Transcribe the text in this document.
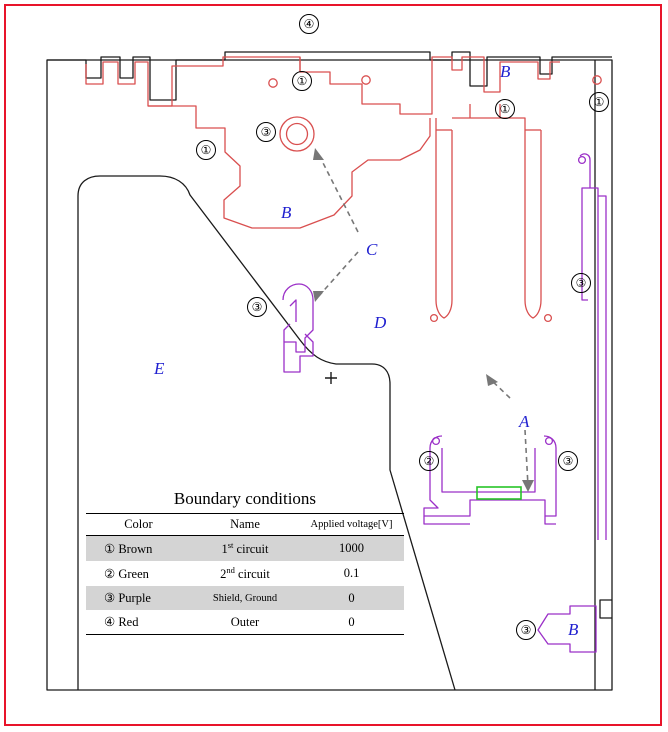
B
B
B
C
D
E
A
④
①
①	①
①
③
③
③
②	③
③
Boundary conditions
Color	Name	Applied voltage[V]
① Brown	1st circuit	1000
② Green	2nd circuit	0.1
③ Purple	Shield, Ground	0
④ Red	Outer	0
